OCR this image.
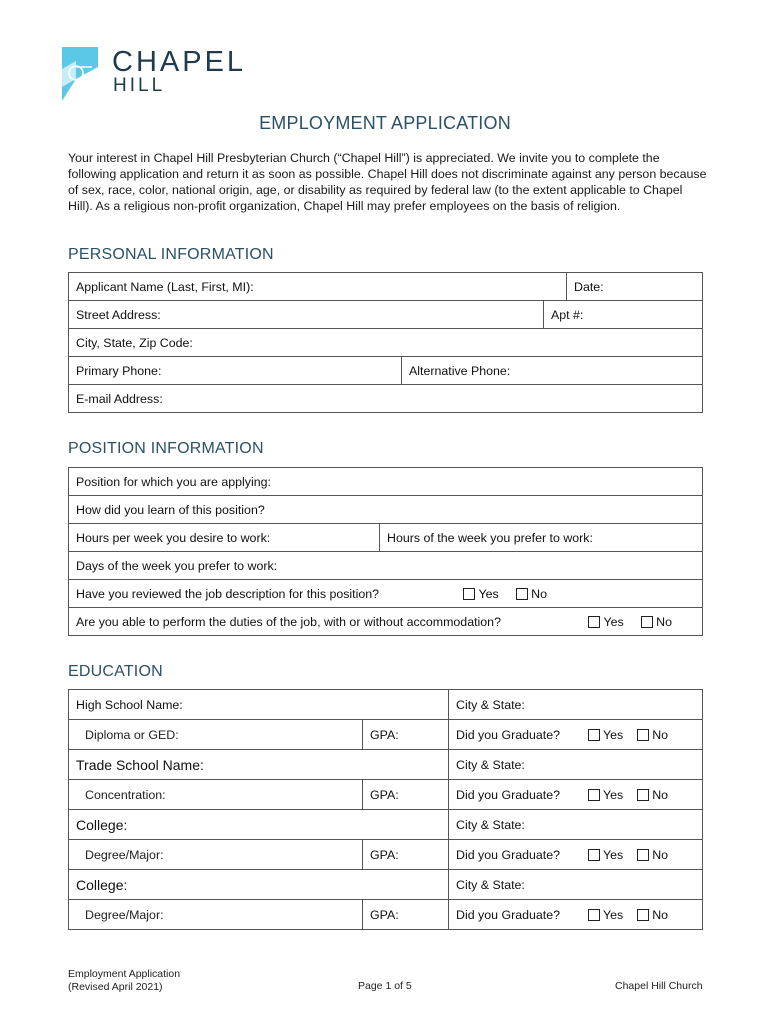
CHAPEL
HILL
EMPLOYMENT APPLICATION
Your interest in Chapel Hill Presbyterian Church (“Chapel Hill”) is appreciated. We invite you to complete the following application and return it as soon as possible. Chapel Hill does not discriminate against any person because of sex, race, color, national origin, age, or disability as required by federal law (to the extent applicable to Chapel Hill). As a religious non-profit organization, Chapel Hill may prefer employees on the basis of religion.
PERSONAL INFORMATION
Applicant Name (Last, First, MI):	Date:
Street Address:	Apt #:
City, State, Zip Code:
Primary Phone:	Alternative Phone:
E-mail Address:
POSITION INFORMATION
Position for which you are applying:
How did you learn of this position?
Hours per week you desire to work:	Hours of the week you prefer to work:
Days of the week you prefer to work:
Have you reviewed the job description for this position?	Yes	No
Are you able to perform the duties of the job, with or without accommodation?	Yes	No
EDUCATION
High School Name:		City & State:
Diploma or GED:	GPA:	Did you Graduate? Yes No
Trade School Name:		City & State:
Concentration:	GPA:	Did you Graduate? Yes No
College:		City & State:
Degree/Major:	GPA:	Did you Graduate? Yes No
College:		City & State:
Degree/Major:	GPA:	Did you Graduate? Yes No
Employment Application
(Revised April 2021)	Page 1 of 5	Chapel Hill Church
